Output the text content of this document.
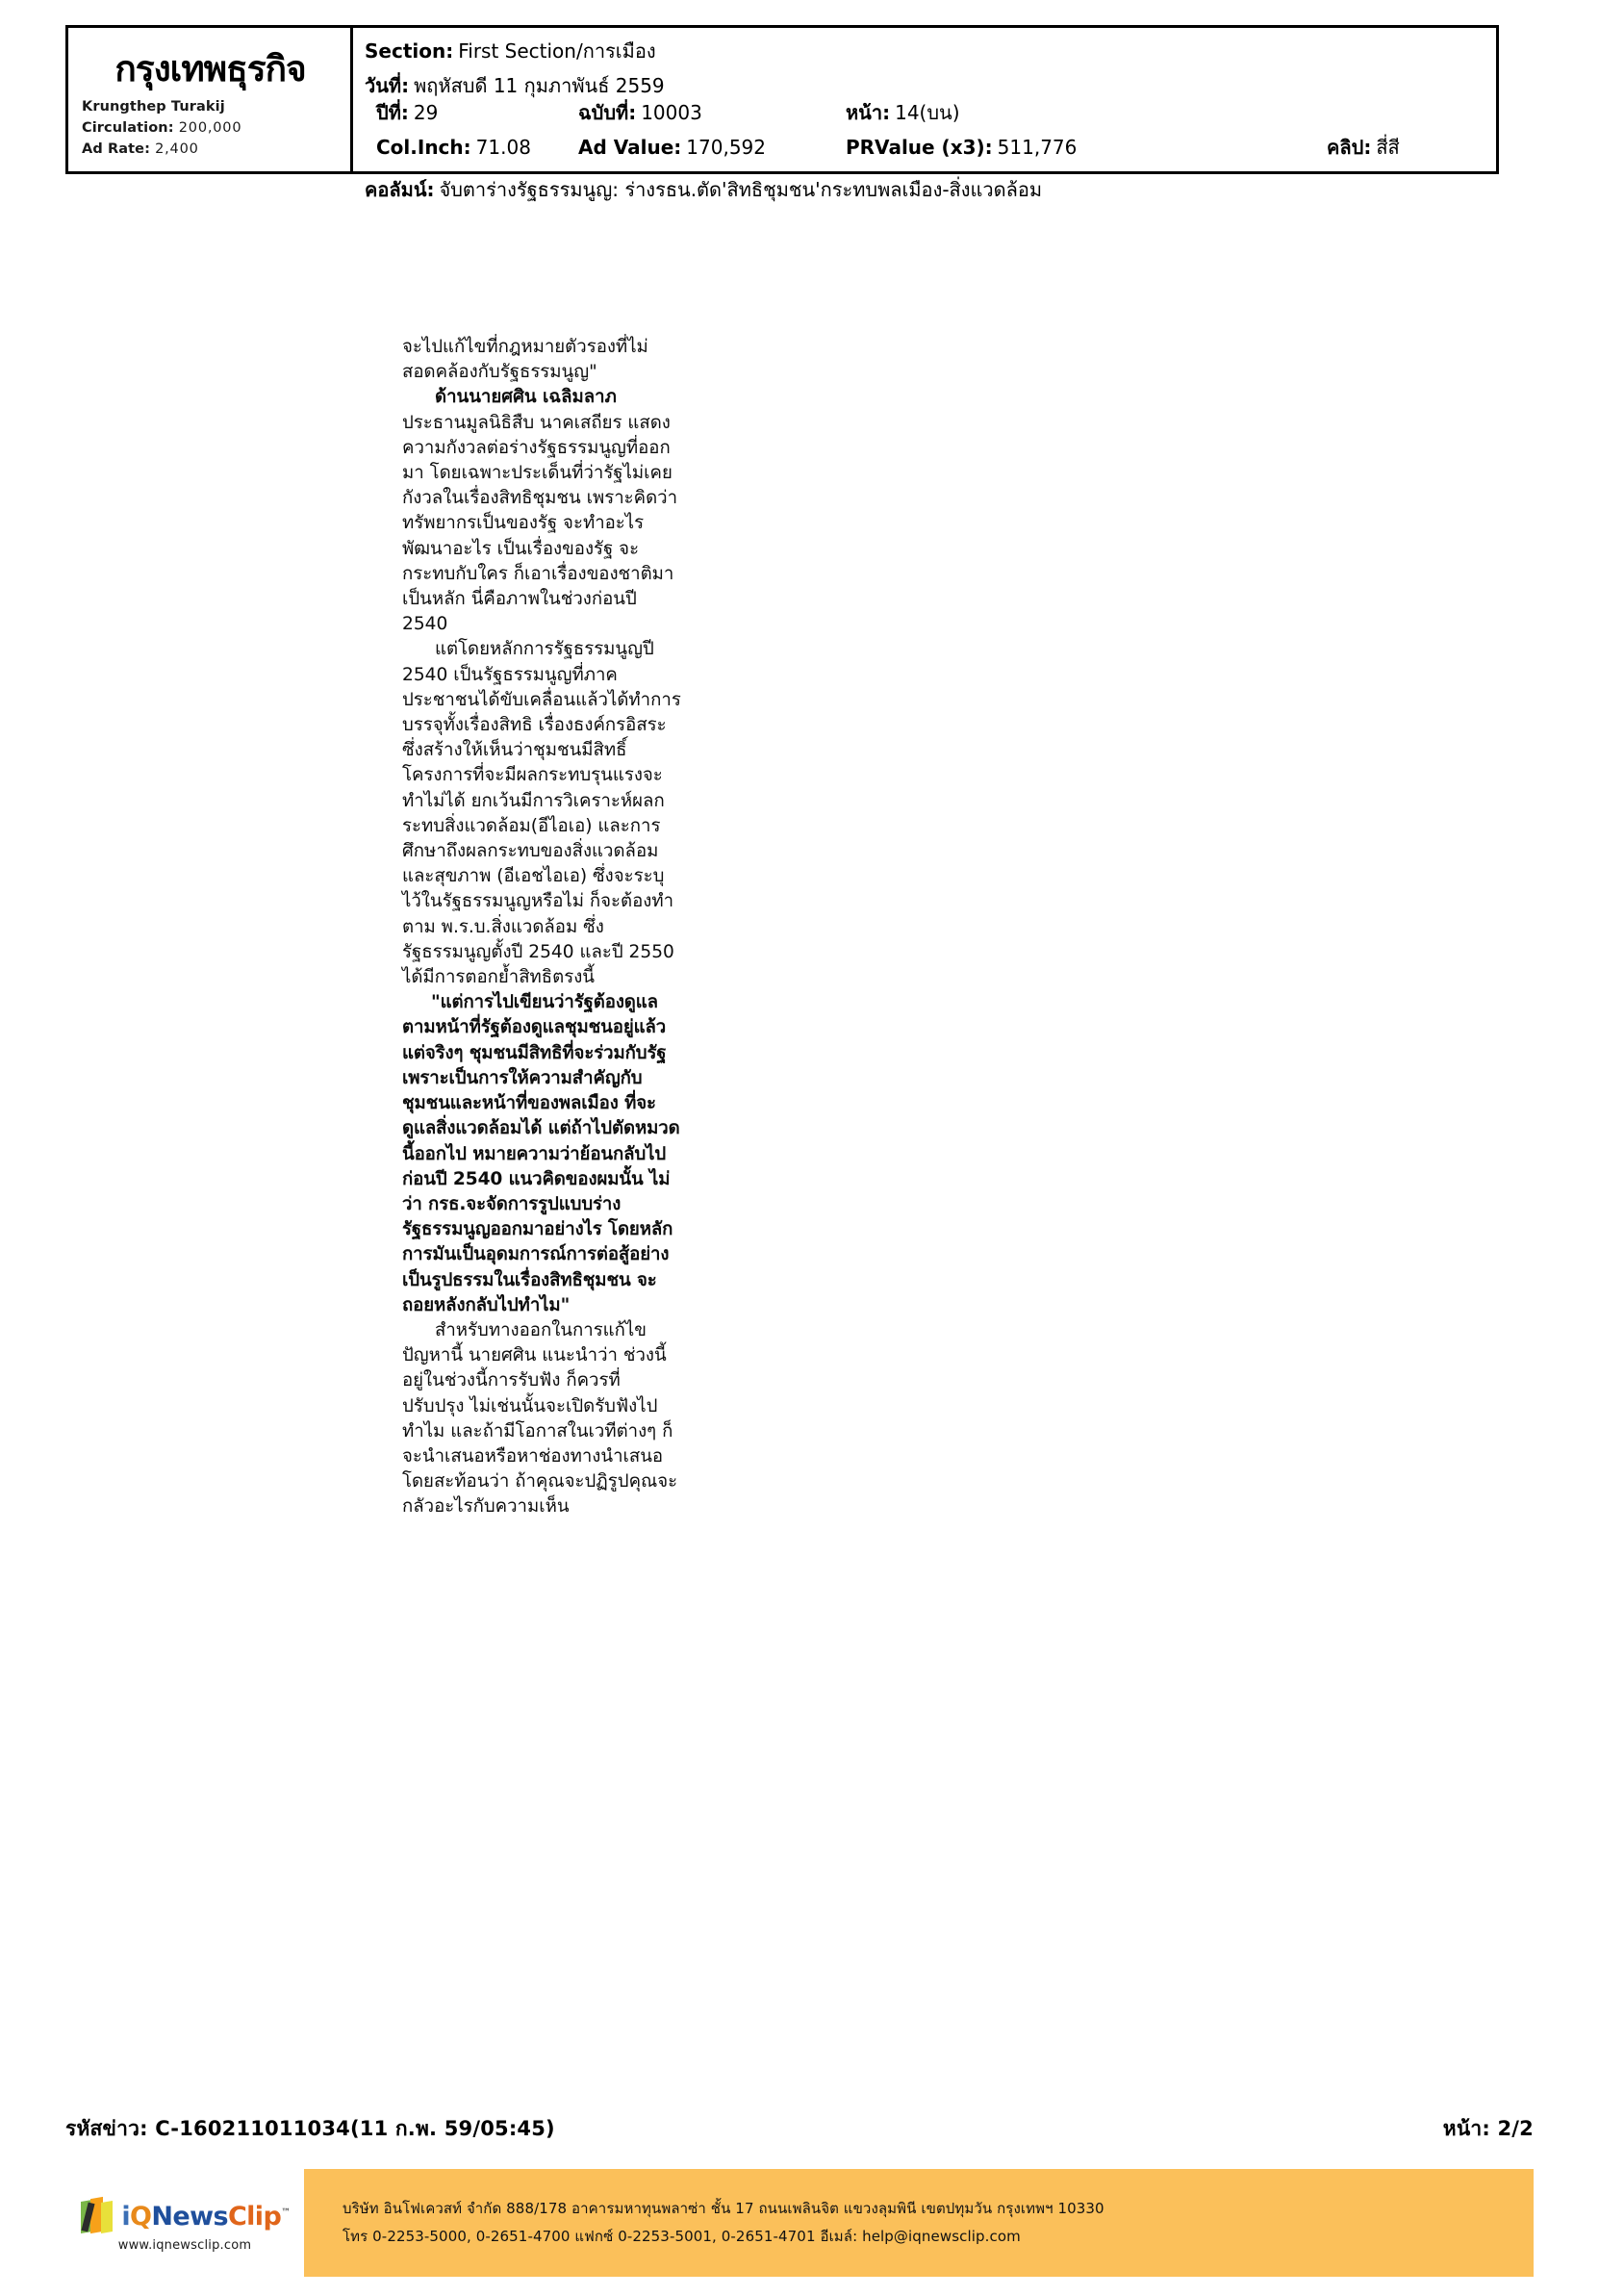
กรุงเทพธุรกิจ
Krungthep Turakij
Circulation: 200,000
Ad Rate: 2,400
Section: First Section/การเมือง
วันที่: พฤหัสบดี 11 กุมภาพันธ์ 2559
ปีที่: 29	ฉบับที่: 10003	หน้า: 14(บน)
Col.Inch: 71.08 Ad Value: 170,592	PRValue (x3): 511,776	คลิป: สี่สี
คอลัมน์: จับตาร่างรัฐธรรมนูญ: ร่างรธน.ตัด'สิทธิชุมชน'กระทบพลเมือง-สิ่งแวดล้อม

จะไปแก้ไขที่กฎหมายตัวรองที่ไม่สอดคล้องกับรัฐธรรมนูญ"

ด้านนายศศิน เฉลิมลาภ ประธานมูลนิธิสืบ นาคเสถียร แสดงความกังวลต่อร่างรัฐธรรมนูญที่ออกมา โดยเฉพาะประเด็นที่ว่ารัฐไม่เคยกังวลในเรื่องสิทธิชุมชน เพราะคิดว่าทรัพยากรเป็นของรัฐ จะทำอะไรพัฒนาอะไร เป็นเรื่องของรัฐ จะกระทบกับใคร ก็เอาเรื่องของชาติมาเป็นหลัก นี่คือภาพในช่วงก่อนปี 2540

แต่โดยหลักการรัฐธรรมนูญปี 2540 เป็นรัฐธรรมนูญที่ภาคประชาชนได้ขับเคลื่อนแล้วได้ทำการบรรจุทั้งเรื่องสิทธิ เรื่องธงค์กรอิสระ ซึ่งสร้างให้เห็นว่าชุมชนมีสิทธิ์ โครงการที่จะมีผลกระทบรุนแรงจะทำไม่ได้ ยกเว้นมีการวิเคราะห์ผลกระทบสิ่งแวดล้อม(อีไอเอ) และการศึกษาถึงผลกระทบของสิ่งแวดล้อมและสุขภาพ (อีเอชไอเอ) ซึ่งจะระบุไว้ในรัฐธรรมนูญหรือไม่ ก็จะต้องทำตาม พ.ร.บ.สิ่งแวดล้อม ซึ่งรัฐธรรมนูญตั้งปี 2540 และปี 2550 ได้มีการตอกย้ำสิทธิตรงนี้

"แต่การไปเขียนว่ารัฐต้องดูแลตามหน้าที่รัฐต้องดูแลชุมชนอยู่แล้ว แต่จริงๆ ชุมชนมีสิทธิที่จะร่วมกับรัฐ เพราะเป็นการให้ความสำคัญกับชุมชนและหน้าที่ของพลเมือง ที่จะดูแลสิ่งแวดล้อมได้ แต่ถ้าไปตัดหมวดนี้ออกไป หมายความว่าย้อนกลับไปก่อนปี 2540 แนวคิดของผมนั้น ไม่ว่า กรธ.จะจัดการรูปแบบร่างรัฐธรรมนูญออกมาอย่างไร โดยหลักการมันเป็นอุดมการณ์การต่อสู้อย่างเป็นรูปธรรมในเรื่องสิทธิชุมชน จะถอยหลังกลับไปทำไม"

สำหรับทางออกในการแก้ไขปัญหานี้ นายศศิน แนะนำว่า ช่วงนี้อยู่ในช่วงนี้การรับฟัง ก็ควรที่ปรับปรุง ไม่เช่นนั้นจะเปิดรับฟังไปทำไม และถ้ามีโอกาสในเวทีต่างๆ ก็จะนำเสนอหรือหาช่องทางนำเสนอ โดยสะท้อนว่า ถ้าคุณจะปฏิรูปคุณจะกลัวอะไรกับความเห็น

รหัสข่าว: C-160211011034(11 ก.พ. 59/05:45)	หน้า: 2/2
iQNewsClip™
www.iqnewsclip.com
บริษัท อินโฟเควสท์ จำกัด 888/178 อาคารมหาทุนพลาซ่า ชั้น 17 ถนนเพลินจิต แขวงลุมพินี เขตปทุมวัน กรุงเทพฯ 10330
โทร 0-2253-5000, 0-2651-4700 แฟกซ์ 0-2253-5001, 0-2651-4701 อีเมล์: help@iqnewsclip.com
